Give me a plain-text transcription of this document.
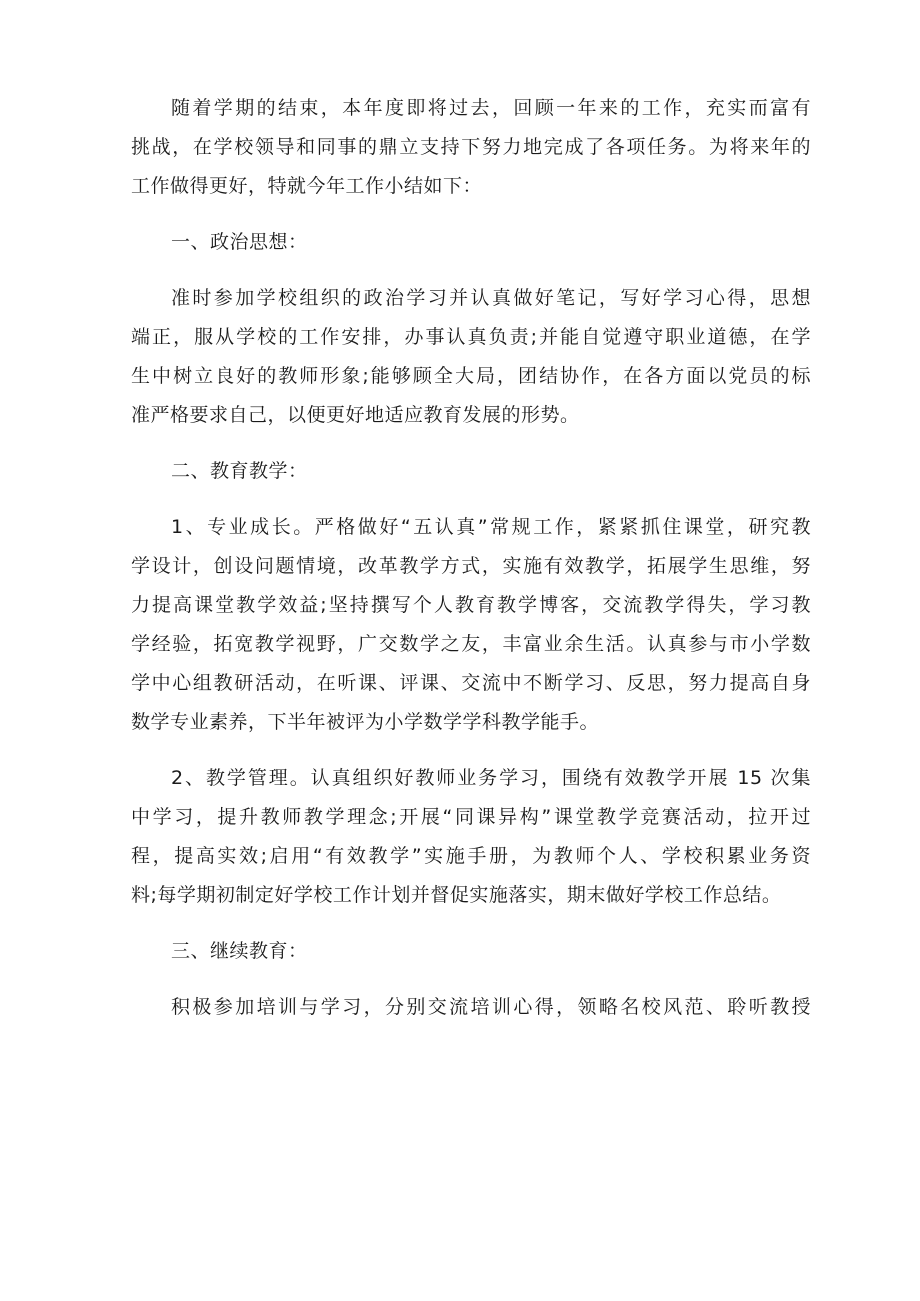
随着学期的结束，本年度即将过去，回顾一年来的工作，充实而富有
挑战，在学校领导和同事的鼎立支持下努力地完成了各项任务。为将来年的
工作做得更好，特就今年工作小结如下：
一、政治思想：
准时参加学校组织的政治学习并认真做好笔记，写好学习心得，思想
端正，服从学校的工作安排，办事认真负责;并能自觉遵守职业道德，在学
生中树立良好的教师形象;能够顾全大局，团结协作，在各方面以党员的标
准严格要求自己，以便更好地适应教育发展的形势。
二、教育教学：
1、专业成长。严格做好“五认真”常规工作，紧紧抓住课堂，研究教
学设计，创设问题情境，改革教学方式，实施有效教学，拓展学生思维，努
力提高课堂教学效益;坚持撰写个人教育教学博客，交流教学得失，学习教
学经验，拓宽教学视野，广交数学之友，丰富业余生活。认真参与市小学数
学中心组教研活动，在听课、评课、交流中不断学习、反思，努力提高自身
数学专业素养，下半年被评为小学数学学科教学能手。
2、教学管理。认真组织好教师业务学习，围绕有效教学开展 15 次集
中学习，提升教师教学理念;开展“同课异构”课堂教学竞赛活动，拉开过
程，提高实效;启用“有效教学”实施手册，为教师个人、学校积累业务资
料;每学期初制定好学校工作计划并督促实施落实，期末做好学校工作总结。
三、继续教育：
积极参加培训与学习，分别交流培训心得，领略名校风范、聆听教授
